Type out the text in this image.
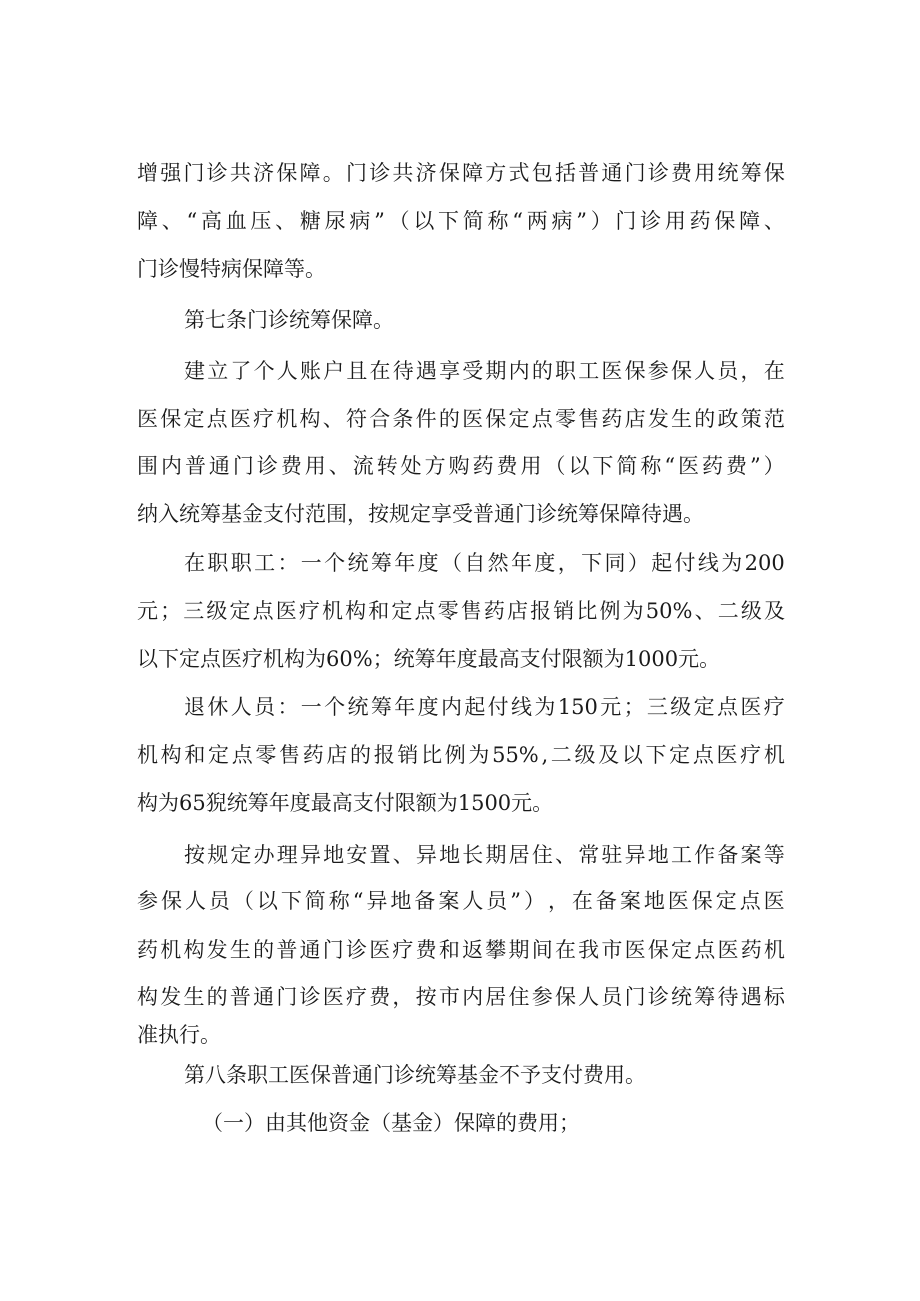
增 强 门 诊 共 济 保 障 。 门 诊 共 济 保 障 方 式 包 括 普 通 门 诊 费 用 统 筹 保

障 、 “ 高 血 压 、 糖 尿 病 ” （ 以 下 简 称 “ 两 病 ” ） 门 诊 用 药 保 障 、

门诊慢特病保障等。

第七条门诊统筹保障。

建 立 了 个 人 账 户 且 在 待 遇 享 受 期 内 的 职 工 医 保 参 保 人 员 ， 在

医 保 定 点 医 疗 机 构 、 符 合 条 件 的 医 保 定 点 零 售 药 店 发 生 的 政 策 范

围 内 普 通 门 诊 费 用 、 流 转 处 方 购 药 费 用 （ 以 下 简 称 “ 医 药 费 ” ）

纳入统筹基金支付范围，按规定享受普通门诊统筹保障待遇。

在 职 职 工 ： 一 个 统 筹 年 度 （ 自 然 年 度 ， 下 同 ） 起 付 线 为 200

元 ； 三 级 定 点 医 疗 机 构 和 定 点 零 售 药 店 报 销 比 例 为 50% 、 二 级 及

以下定点医疗机构为60%；统筹年度最高支付限额为1000元。

退 休 人 员 ： 一 个 统 筹 年 度 内 起 付 线 为 150 元 ； 三 级 定 点 医 疗

机 构 和 定 点 零 售 药 店 的 报 销 比 例 为 55% , 二 级 及 以 下 定 点 医 疗 机

构为65猊统筹年度最高支付限额为1500元。

按 规 定 办 理 异 地 安 置 、 异 地 长 期 居 住 、 常 驻 异 地 工 作 备 案 等

参 保 人 员 （ 以 下 简 称 “ 异 地 备 案 人 员 ” ） ， 在 备 案 地 医 保 定 点 医

药 机 构 发 生 的 普 通 门 诊 医 疗 费 和 返 攀 期 间 在 我 市 医 保 定 点 医 药 机

构 发 生 的 普 通 门 诊 医 疗 费 ， 按 市 内 居 住 参 保 人 员 门 诊 统 筹 待 遇 标

准执行。

第八条职工医保普通门诊统筹基金不予支付费用。

（一）由其他资金（基金）保障的费用；
